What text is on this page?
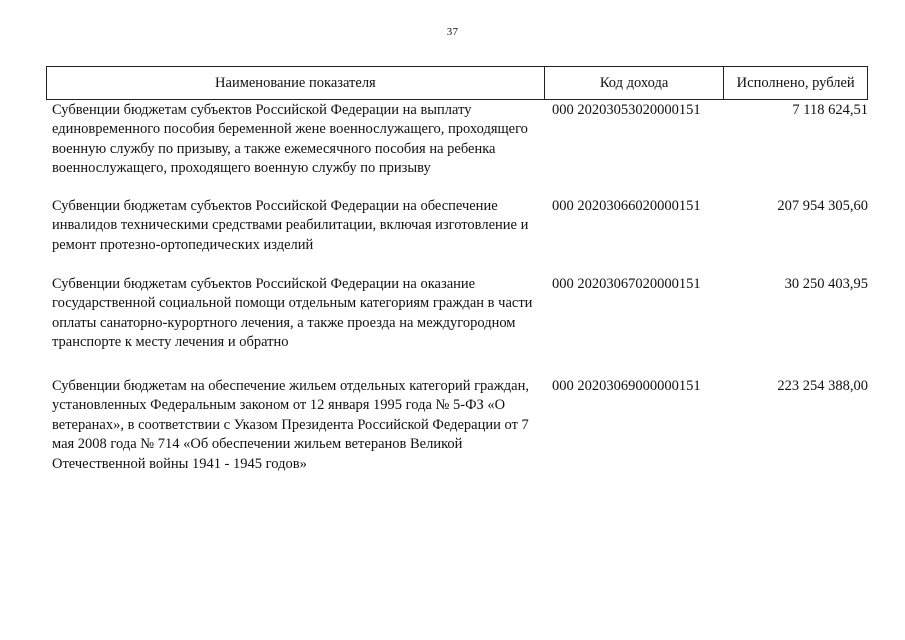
37
Наименование показателя	Код дохода	Исполнено, рублей
Субвенции бюджетам субъектов Российской Федерации на выплату единовременного пособия беременной жене военнослужащего, проходящего военную службу по призыву, а также ежемесячного пособия на ребенка военнослужащего, проходящего военную службу по призыву
000 20203053020000151	7 118 624,51
Субвенции бюджетам субъектов Российской Федерации на обеспечение инвалидов техническими средствами реабилитации, включая изготовление и ремонт протезно-ортопедических изделий
000 20203066020000151	207 954 305,60
Субвенции бюджетам субъектов Российской Федерации на оказание государственной социальной помощи отдельным категориям граждан в части оплаты санаторно-курортного лечения, а также проезда на междугородном транспорте к месту лечения и обратно
000 20203067020000151	30 250 403,95
Субвенции бюджетам на обеспечение жильем отдельных категорий граждан, установленных Федеральным законом от 12 января 1995 года № 5-ФЗ «О ветеранах», в соответствии с Указом Президента Российской Федерации от 7 мая 2008 года № 714 «Об обеспечении жильем ветеранов Великой Отечественной войны 1941 - 1945 годов»
000 20203069000000151	223 254 388,00
